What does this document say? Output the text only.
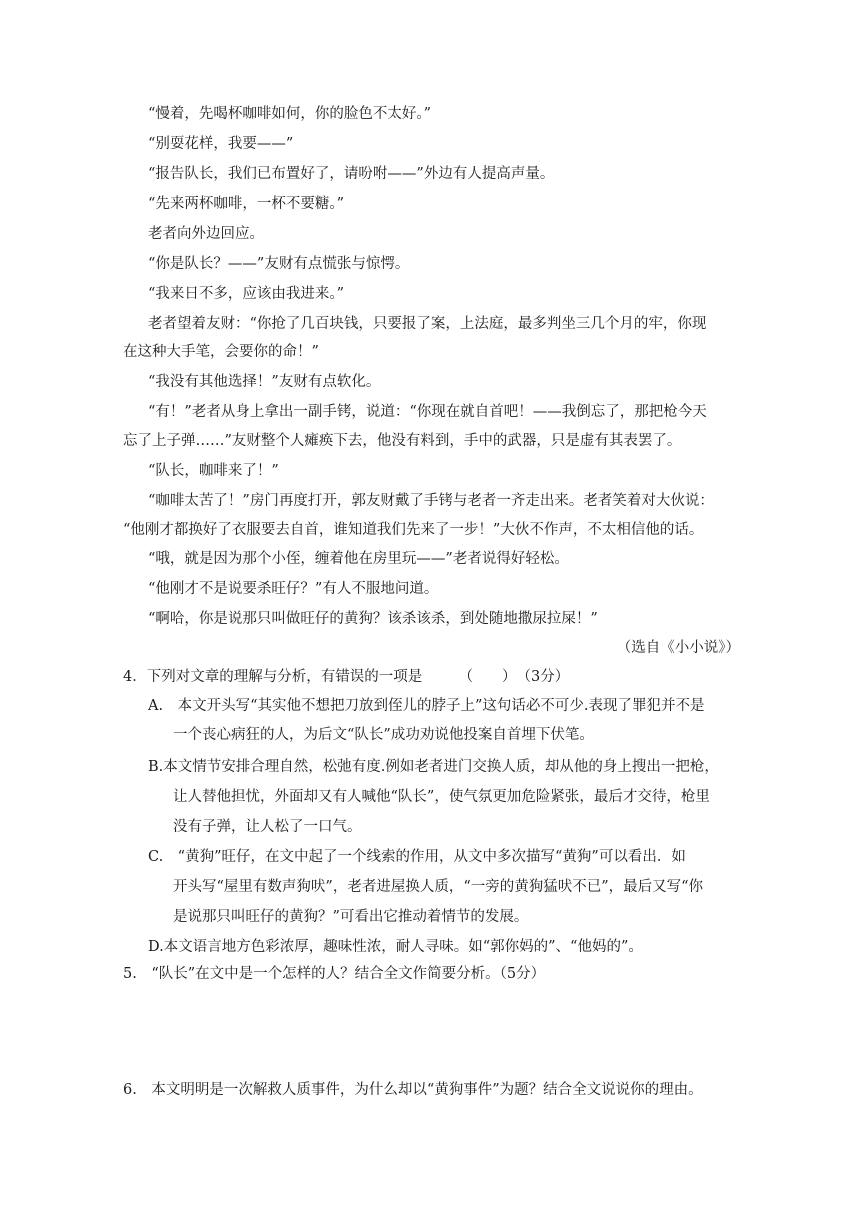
“慢着，先喝杯咖啡如何，你的脸色不太好。”
“别耍花样，我要——”
“报告队长，我们已布置好了，请吩咐——”外边有人提高声量。
“先来两杯咖啡，一杯不要糖。”
老者向外边回应。
“你是队长？——”友财有点慌张与惊愕。
“我来日不多，应该由我进来。”
老者望着友财：“你抢了几百块钱，只要报了案，上法庭，最多判坐三几个月的牢，你现
在这种大手笔，会要你的命！”
“我没有其他选择！”友财有点软化。
“有！”老者从身上拿出一副手铐，说道：“你现在就自首吧！——我倒忘了，那把枪今天
忘了上子弹……”友财整个人瘫痪下去，他没有料到，手中的武器，只是虚有其表罢了。
“队长，咖啡来了！”
“咖啡太苦了！”房门再度打开，郭友财戴了手铐与老者一齐走出来。老者笑着对大伙说：
“他刚才都换好了衣服要去自首，谁知道我们先来了一步！”大伙不作声，不太相信他的话。
“哦，就是因为那个小侄，缠着他在房里玩——”老者说得好轻松。
“他刚才不是说要杀旺仔？”有人不服地问道。
“啊哈，你是说那只叫做旺仔的黄狗？该杀该杀，到处随地撒尿拉屎！”
（选自《小小说》）
4．下列对文章的理解与分析，有错误的一项是　　　（　　）　（3分）
A.　本文开头写“其实他不想把刀放到侄儿的脖子上”这句话必不可少.表现了罪犯并不是
一个丧心病狂的人，为后文“队长”成功劝说他投案自首埋下伏笔。
B.本文情节安排合理自然，松弛有度.例如老者进门交换人质，却从他的身上搜出一把枪，
让人替他担忧，外面却又有人喊他“队长”，使气氛更加危险紧张，最后才交待，枪里
没有子弹，让人松了一口气。
C.　“黄狗”旺仔，在文中起了一个线索的作用，从文中多次描写“黄狗”可以看出．如
开头写“屋里有数声狗吠”，老者进屋换人质，“一旁的黄狗猛吠不已”，最后又写“你
是说那只叫旺仔的黄狗？”可看出它推动着情节的发展。
D.本文语言地方色彩浓厚，趣味性浓，耐人寻味。如“郭你妈的”、“他妈的”。
5.　“队长”在文中是一个怎样的人？结合全文作简要分析。（5分）
6.　本文明明是一次解救人质事件，为什么却以“黄狗事件”为题？结合全文说说你的理由。
